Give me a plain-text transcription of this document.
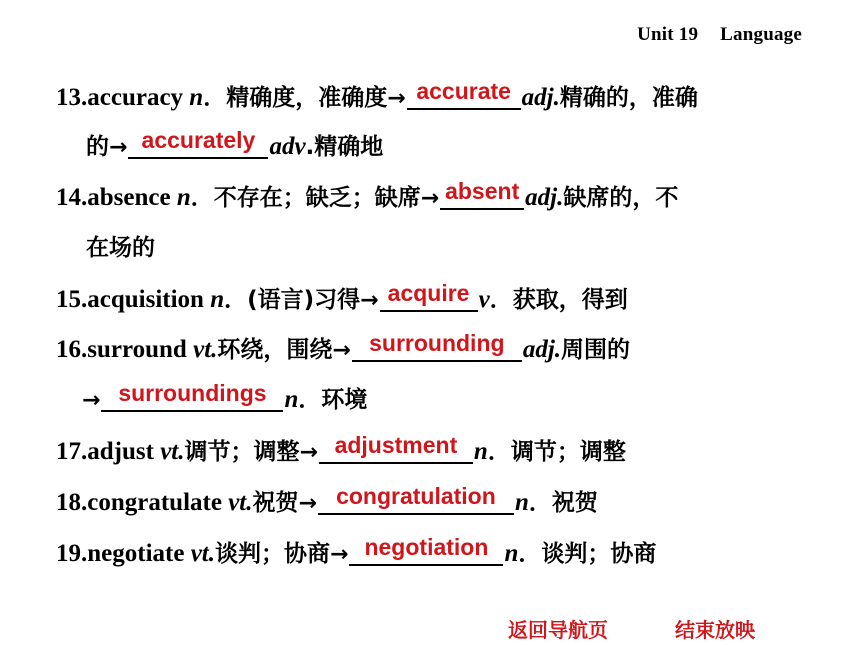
Unit 19 Language
13.accuracy n．精确度，准确度→ accurate adj.精确的，准确
的→ accurately adv.精确地
14.absence n．不存在；缺乏；缺席→ absent adj.缺席的，不
在场的
15.acquisition n．(语言)习得→ acquire v．获取，得到
16.surround vt.环绕，围绕→ surrounding adj.周围的
→ surroundings n．环境
17.adjust vt.调节；调整→ adjustment n．调节；调整
18.congratulate vt.祝贺→ congratulation n．祝贺
19.negotiate vt.谈判；协商→ negotiation n．谈判；协商
返回导航页	结束放映
